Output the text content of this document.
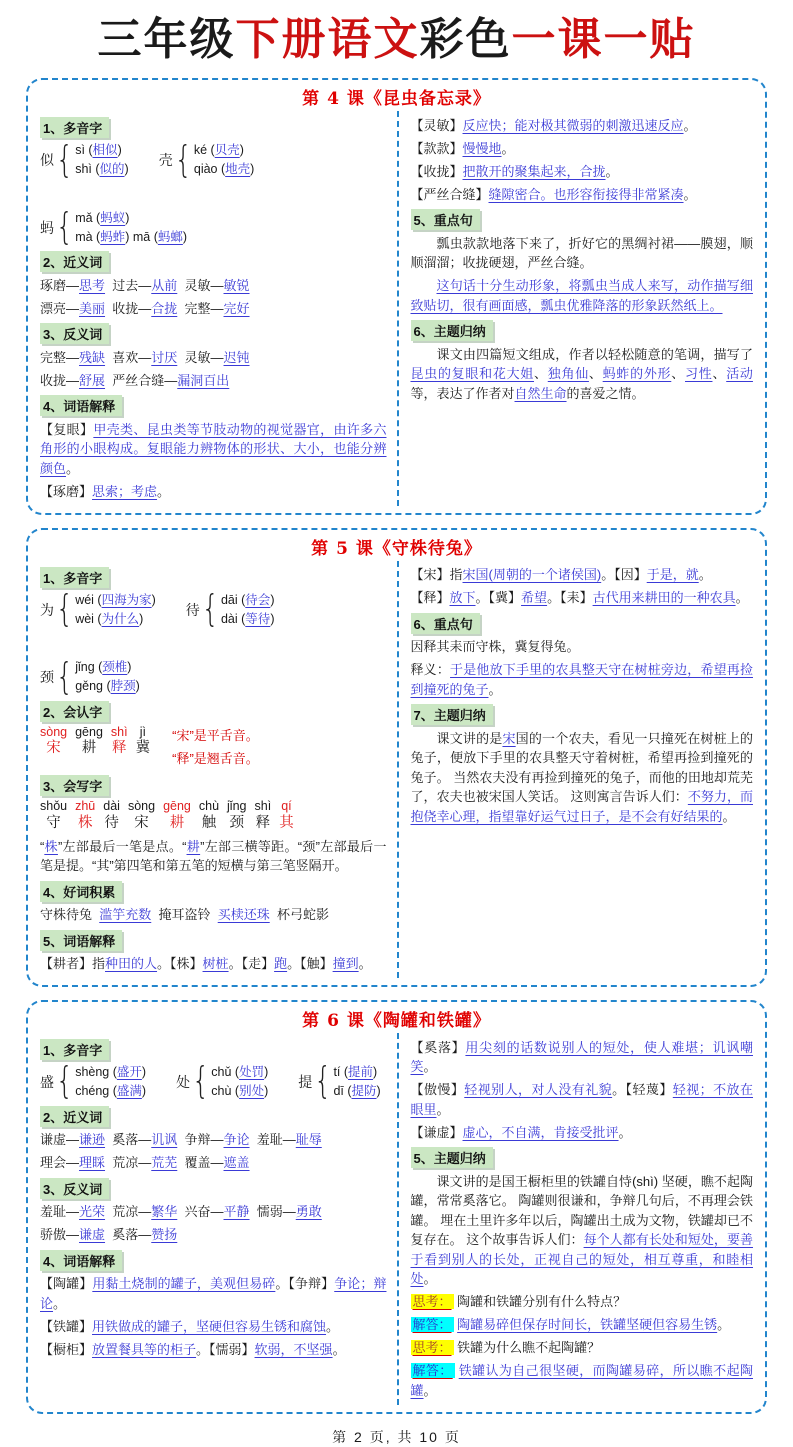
三年级下册语文彩色一课一贴
第 4 课《昆虫备忘录》
1、多音字
似 { sì (相似)
shì (似的)
壳 { ké (贝壳)
qiào (地壳)
蚂 { mǎ (蚂蚁)
mà (蚂蚱) mā (蚂螂)
2、近义词
琢磨—思考  过去—从前  灵敏—敏锐
漂亮—美丽  收拢—合拢  完整—完好
3、反义词
完整—残缺  喜欢—讨厌  灵敏—迟钝
收拢—舒展  严丝合缝—漏洞百出
4、词语解释
【复眼】甲壳类、昆虫类等节肢动物的视觉器官，由许多六角形的小眼构成。复眼能力辨物体的形状、大小，也能分辨颜色。
【琢磨】思索；考虑。
【灵敏】反应快；能对极其微弱的刺激迅速反应。
【款款】慢慢地。
【收拢】把散开的聚集起来，合拢。
【严丝合缝】缝隙密合。也形容衔接得非常紧凑。
5、重点句
瓢虫款款地落下来了，折好它的黑绸衬裙——膜翅，顺顺溜溜；收拢硬翅，严丝合缝。
这句话十分生动形象，将瓢虫当成人来写，动作描写细致贴切，很有画面感，瓢虫优雅降落的形象跃然纸上。
6、主题归纳
课文由四篇短文组成，作者以轻松随意的笔调，描写了昆虫的复眼和花大姐、独角仙、蚂蚱的外形、习性、活动等，表达了作者对自然生命的喜爱之情。
第 5 课《守株待兔》
1、多音字
为 { wéi (四海为家)
wèi (为什么)
待 { dāi (待会)
dài (等待)
颈 { jǐng (颈椎)
gěng (脖颈)
2、会认字
sòng
宋
gēng
耕
shì
释
jì
冀
“宋”是平舌音。
“释”是翘舌音。
3、会写字
shǒu
守
zhū
株
dài
待
sòng
宋
gēng
耕
chù
触
jǐng
颈
shì
释
qí
其
“株”左部最后一笔是点。“耕”左部三横等距。“颈”左部最后一笔是提。“其”第四笔和第五笔的短横与第三笔竖隔开。
4、好词积累
守株待兔  滥竽充数  掩耳盗铃  买椟还珠  杯弓蛇影
5、词语解释
【耕者】指种田的人。【株】树桩。【走】跑。【触】撞到。
【宋】指宋国(周朝的一个诸侯国)。【因】于是，就。
【释】放下。【冀】希望。【耒】古代用来耕田的一种农具。
6、重点句
因释其耒而守株，冀复得兔。
释义：于是他放下手里的农具整天守在树桩旁边，希望再捡到撞死的兔子。
7、主题归纳
课文讲的是宋国的一个农夫，看见一只撞死在树桩上的兔子，便放下手里的农具整天守着树桩，希望再捡到撞死的兔子。 当然农夫没有再捡到撞死的兔子，而他的田地却荒芜了，农夫也被宋国人笑话。 这则寓言告诉人们：不努力，而抱侥幸心理，指望靠好运气过日子，是不会有好结果的。
第 6 课《陶罐和铁罐》
1、多音字
盛 { shèng (盛开)
chéng (盛满)
处 { chǔ (处罚)
chù (别处)
提 { tí (提前)
dī (提防)
2、近义词
谦虚—谦逊  奚落—讥讽  争辩—争论  羞耻—耻辱
理会—理睬  荒凉—荒芜  覆盖—遮盖
3、反义词
羞耻—光荣  荒凉—繁华  兴奋—平静  懦弱—勇敢
骄傲—谦虚  奚落—赞扬
4、词语解释
【陶罐】用黏土烧制的罐子，美观但易碎。【争辩】争论；辩论。
【铁罐】用铁做成的罐子，坚硬但容易生锈和腐蚀。
【橱柜】放置餐具等的柜子。【懦弱】软弱，不坚强。
【奚落】用尖刻的话数说别人的短处，使人难堪；讥讽嘲笑。
【傲慢】轻视别人，对人没有礼貌。【轻蔑】轻视；不放在眼里。
【谦虚】虚心，不自满，肯接受批评。
5、主题归纳
课文讲的是国王橱柜里的铁罐自恃(shì) 坚硬，瞧不起陶罐，常常奚落它。 陶罐则很谦和，争辩几句后，不再理会铁罐。 埋在土里许多年以后，陶罐出土成为文物，铁罐却已不复存在。 这个故事告诉人们：每个人都有长处和短处，要善于看到别人的长处，正视自己的短处，相互尊重，和睦相处。
思考： 陶罐和铁罐分别有什么特点？
解答： 陶罐易碎但保存时间长，铁罐坚硬但容易生锈。
思考： 铁罐为什么瞧不起陶罐？
解答： 铁罐认为自己很坚硬，而陶罐易碎，所以瞧不起陶罐。
第 2 页, 共 10 页
